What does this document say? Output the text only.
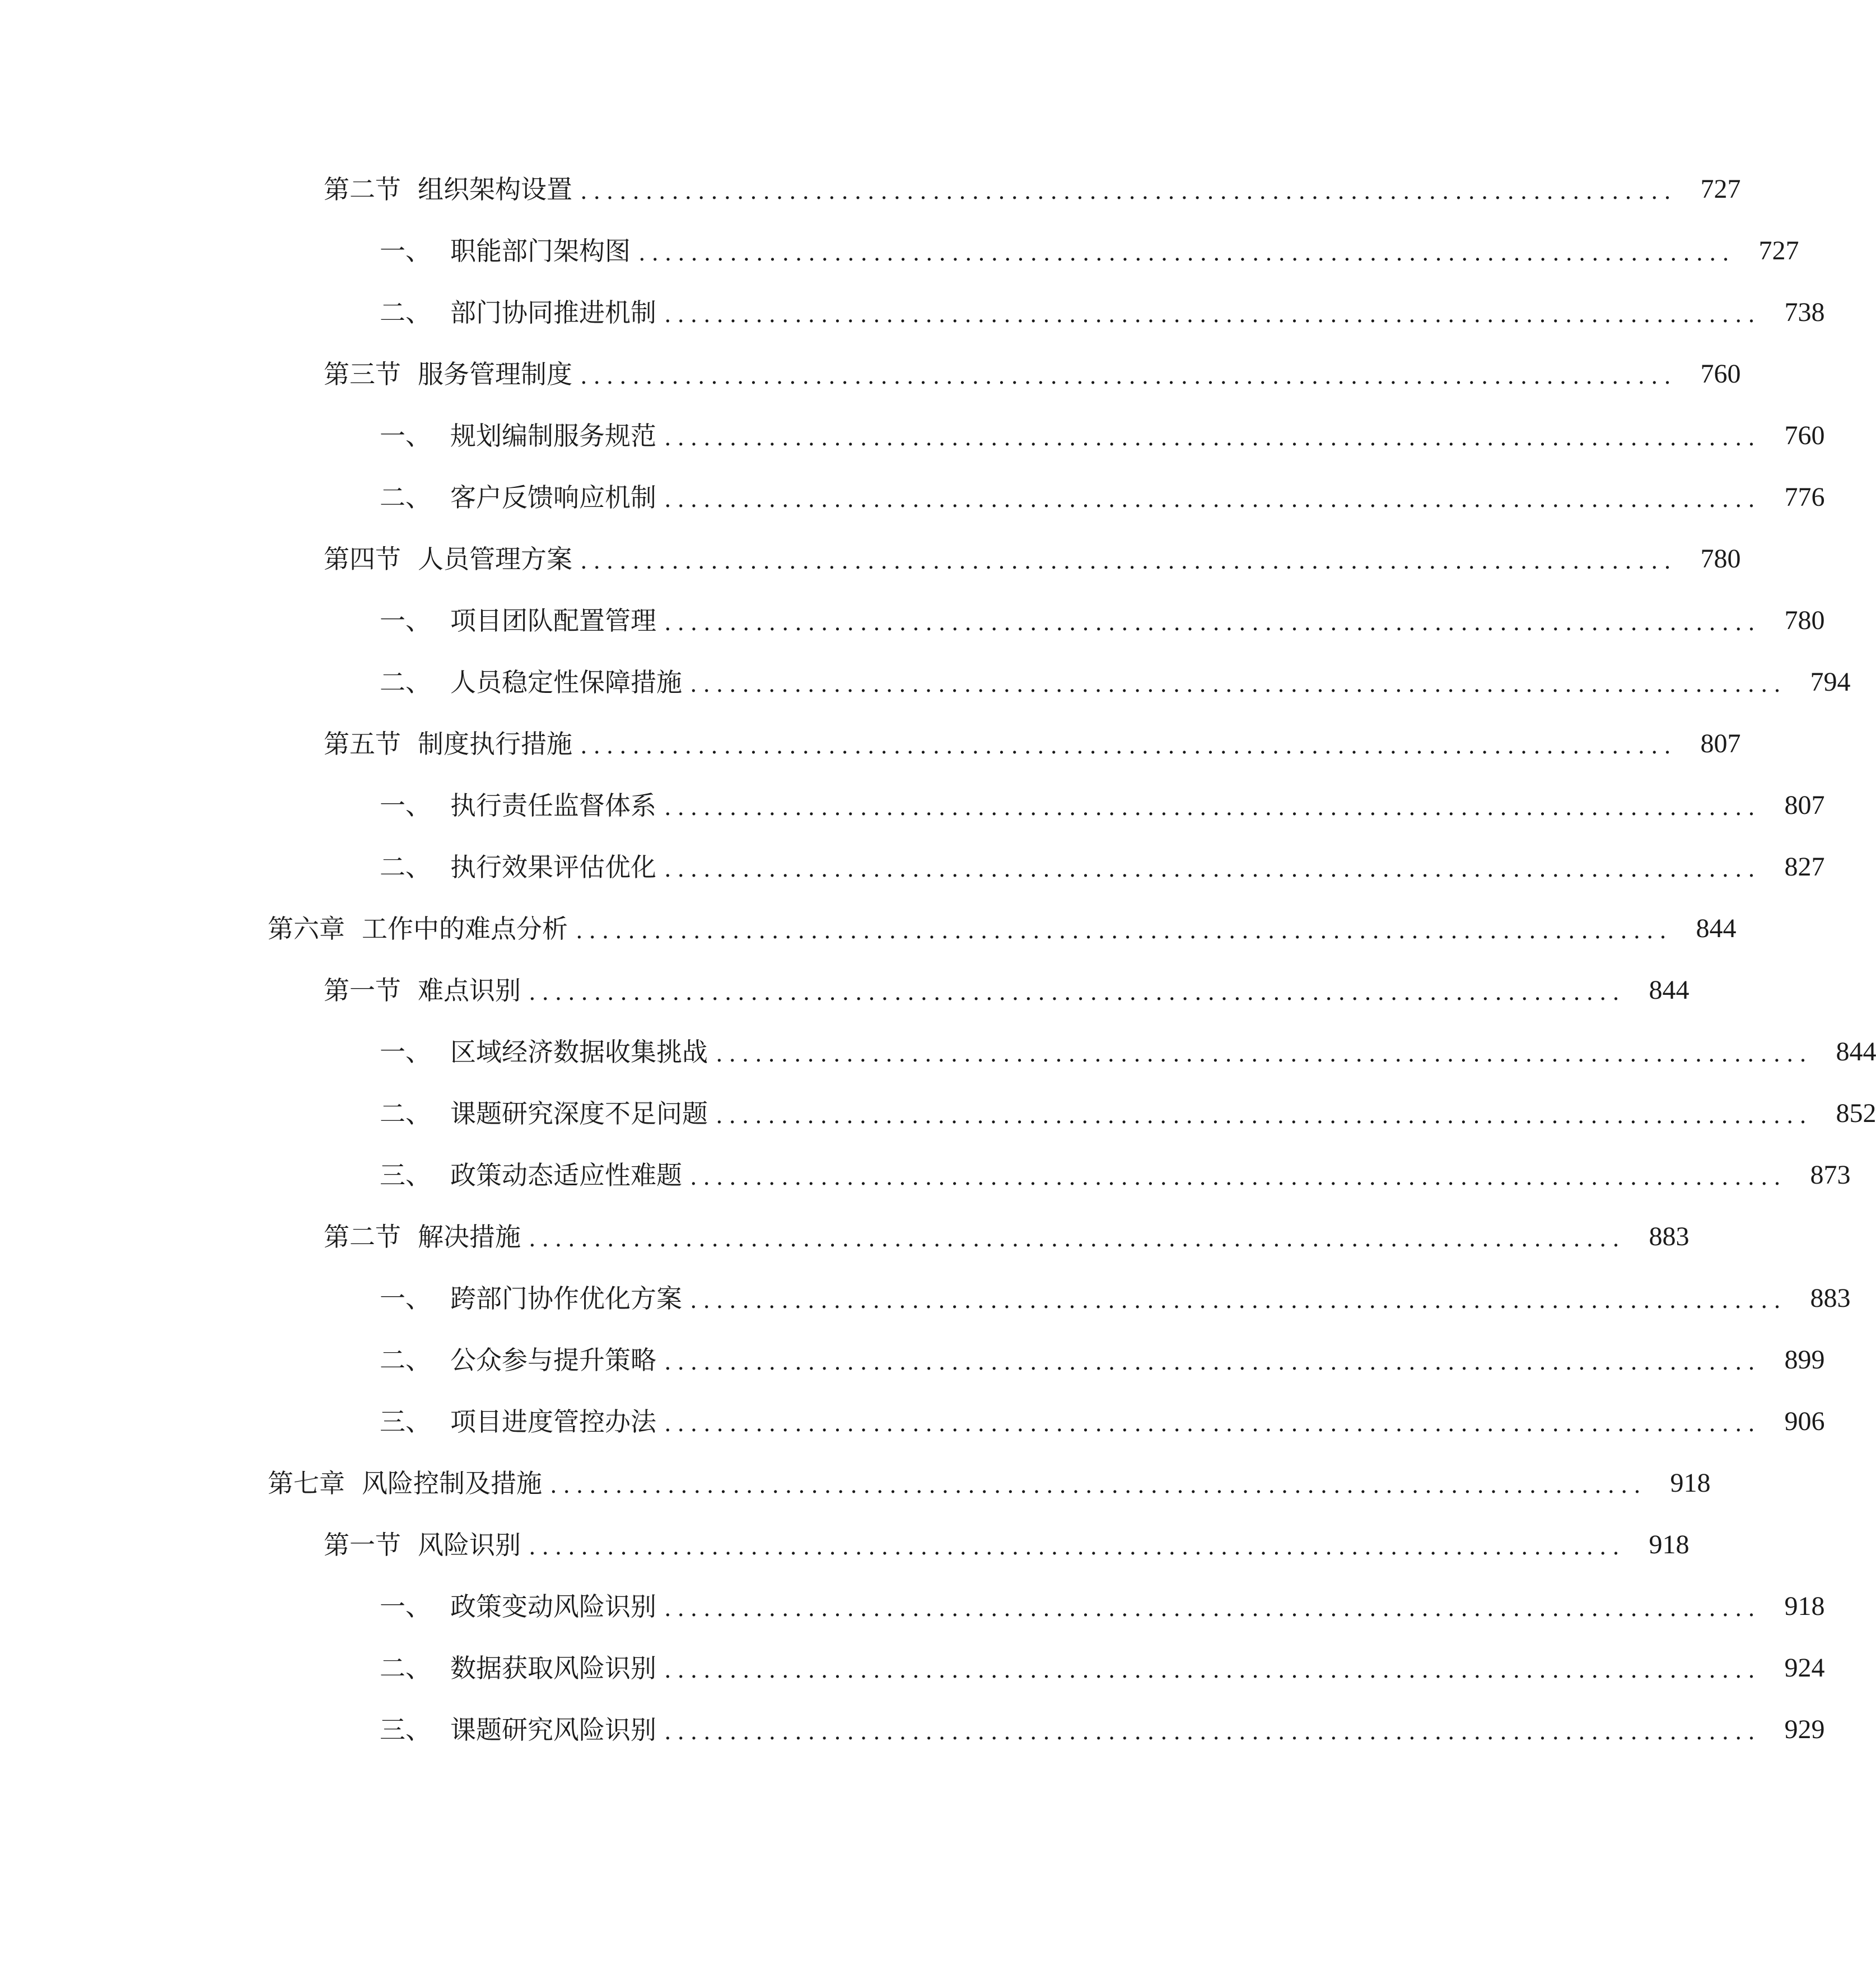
第二节 组织架构设置 .................................................................................... 727
一、 职能部门架构图 .................................................................................... 727
二、 部门协同推进机制 .................................................................................... 738
第三节 服务管理制度 .................................................................................... 760
一、 规划编制服务规范 .................................................................................... 760
二、 客户反馈响应机制 .................................................................................... 776
第四节 人员管理方案 .................................................................................... 780
一、 项目团队配置管理 .................................................................................... 780
二、 人员稳定性保障措施 .................................................................................... 794
第五节 制度执行措施 .................................................................................... 807
一、 执行责任监督体系 .................................................................................... 807
二、 执行效果评估优化 .................................................................................... 827
第六章 工作中的难点分析 .................................................................................... 844
第一节 难点识别 .................................................................................... 844
一、 区域经济数据收集挑战 .................................................................................... 844
二、 课题研究深度不足问题 .................................................................................... 852
三、 政策动态适应性难题 .................................................................................... 873
第二节 解决措施 .................................................................................... 883
一、 跨部门协作优化方案 .................................................................................... 883
二、 公众参与提升策略 .................................................................................... 899
三、 项目进度管控办法 .................................................................................... 906
第七章 风险控制及措施 .................................................................................... 918
第一节 风险识别 .................................................................................... 918
一、 政策变动风险识别 .................................................................................... 918
二、 数据获取风险识别 .................................................................................... 924
三、 课题研究风险识别 .................................................................................... 929
